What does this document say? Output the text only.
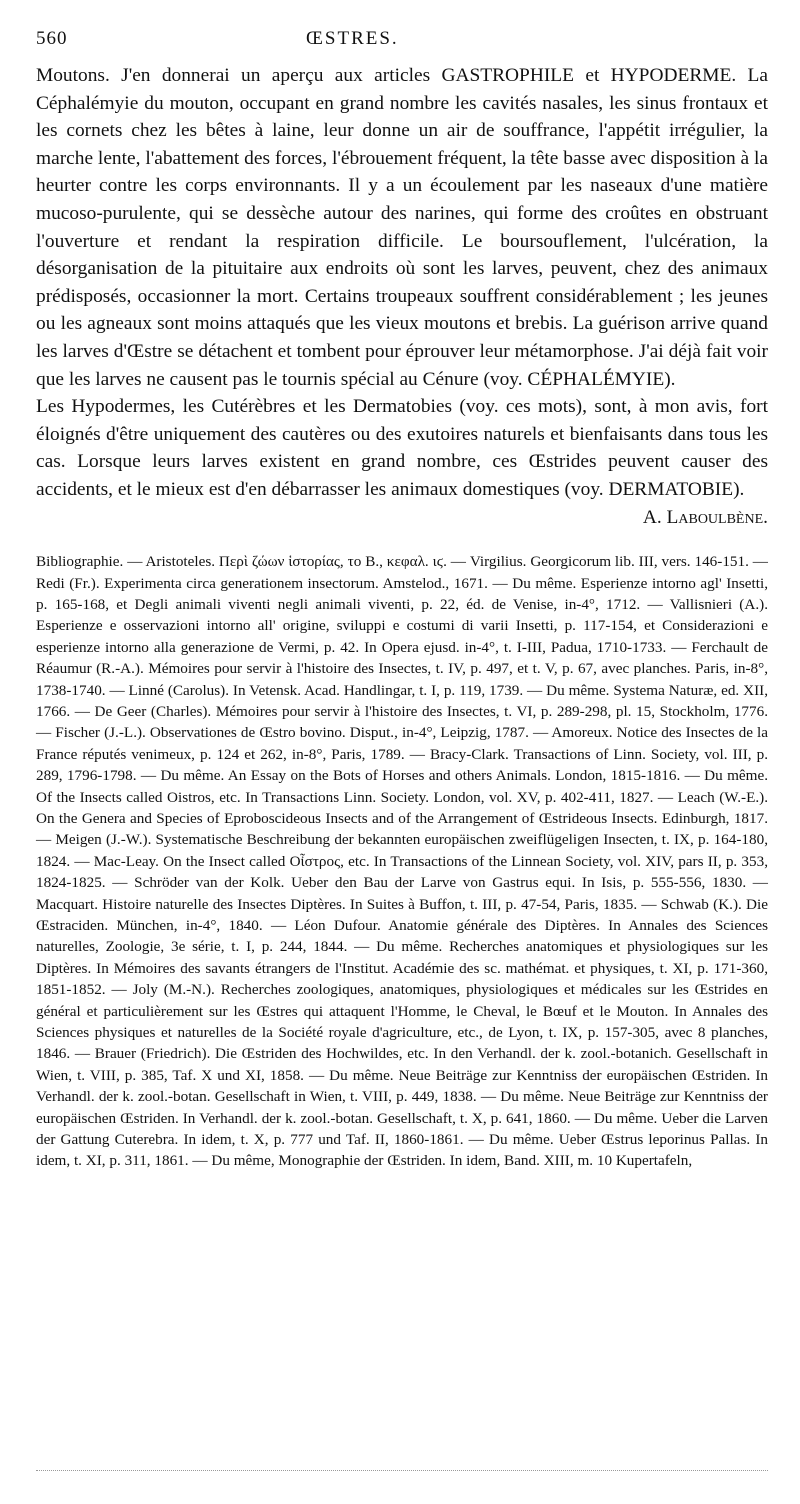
560	ŒSTRES.

Moutons. J'en donnerai un aperçu aux articles GASTROPHILE et HYPODERME. La Céphalémyie du mouton, occupant en grand nombre les cavités nasales, les sinus frontaux et les cornets chez les bêtes à laine, leur donne un air de souffrance, l'appétit irrégulier, la marche lente, l'abattement des forces, l'ébrouement fréquent, la tête basse avec disposition à la heurter contre les corps environnants. Il y a un écoulement par les naseaux d'une matière mucoso-purulente, qui se dessèche autour des narines, qui forme des croûtes en obstruant l'ouverture et rendant la respiration difficile. Le boursouflement, l'ulcération, la désorganisation de la pituitaire aux endroits où sont les larves, peuvent, chez des animaux prédisposés, occasionner la mort. Certains troupeaux souffrent considérablement ; les jeunes ou les agneaux sont moins attaqués que les vieux moutons et brebis. La guérison arrive quand les larves d'Œstre se détachent et tombent pour éprouver leur métamorphose. J'ai déjà fait voir que les larves ne causent pas le tournis spécial au Cénure (voy. CÉPHALÉMYIE).

Les Hypodermes, les Cutérèbres et les Dermatobies (voy. ces mots), sont, à mon avis, fort éloignés d'être uniquement des cautères ou des exutoires naturels et bienfaisants dans tous les cas. Lorsque leurs larves existent en grand nombre, ces Œstrides peuvent causer des accidents, et le mieux est d'en débarrasser les animaux domestiques (voy. DERMATOBIE).

A. Laboulbène.
Bibliographie. — Aristoteles. Περὶ ζώων ἱστορίας, το Β., κεφαλ. ιϛ. — Virgilius. Georgicorum lib. III, vers. 146-151. — Redi (Fr.). Experimenta circa generationem insectorum. Amstelod., 1671. — Du même. Esperienze intorno agl' Insetti, p. 165-168, et Degli animali viventi negli animali viventi, p. 22, éd. de Venise, in-4°, 1712. — Vallisnieri (A.). Esperienze e osservazioni intorno all' origine, sviluppi e costumi di varii Insetti, p. 117-154, et Considerazioni e esperienze intorno alla generazione de Vermi, p. 42. In Opera ejusd. in-4°, t. I-III, Padua, 1710-1733. — Ferchault de Réaumur (R.-A.). Mémoires pour servir à l'histoire des Insectes, t. IV, p. 497, et t. V, p. 67, avec planches. Paris, in-8°, 1738-1740. — Linné (Carolus). In Vetensk. Acad. Handlingar, t. I, p. 119, 1739. — Du même. Systema Naturæ, ed. XII, 1766. — De Geer (Charles). Mémoires pour servir à l'histoire des Insectes, t. VI, p. 289-298, pl. 15, Stockholm, 1776. — Fischer (J.-L.). Observationes de Œstro bovino. Disput., in-4°, Leipzig, 1787. — Amoreux. Notice des Insectes de la France réputés venimeux, p. 124 et 262, in-8°, Paris, 1789. — Bracy-Clark. Transactions of Linn. Society, vol. III, p. 289, 1796-1798. — Du même. An Essay on the Bots of Horses and others Animals. London, 1815-1816. — Du même. Of the Insects called Oistros, etc. In Transactions Linn. Society. London, vol. XV, p. 402-411, 1827. — Leach (W.-E.). On the Genera and Species of Eproboscideous Insects and of the Arrangement of Œstrideous Insects. Edinburgh, 1817. — Meigen (J.-W.). Systematische Beschreibung der bekannten europäischen zweiflügeligen Insecten, t. IX, p. 164-180, 1824. — Mac-Leay. On the Insect called Οἶστρος, etc. In Transactions of the Linnean Society, vol. XIV, pars II, p. 353, 1824-1825. — Schröder van der Kolk. Ueber den Bau der Larve von Gastrus equi. In Isis, p. 555-556, 1830. — Macquart. Histoire naturelle des Insectes Diptères. In Suites à Buffon, t. III, p. 47-54, Paris, 1835. — Schwab (K.). Die Œstraciden. München, in-4°, 1840. — Léon Dufour. Anatomie générale des Diptères. In Annales des Sciences naturelles, Zoologie, 3e série, t. I, p. 244, 1844. — Du même. Recherches anatomiques et physiologiques sur les Diptères. In Mémoires des savants étrangers de l'Institut. Académie des sc. mathémat. et physiques, t. XI, p. 171-360, 1851-1852. — Joly (M.-N.). Recherches zoologiques, anatomiques, physiologiques et médicales sur les Œstrides en général et particulièrement sur les Œstres qui attaquent l'Homme, le Cheval, le Bœuf et le Mouton. In Annales des Sciences physiques et naturelles de la Société royale d'agriculture, etc., de Lyon, t. IX, p. 157-305, avec 8 planches, 1846. — Brauer (Friedrich). Die Œstriden des Hochwildes, etc. In den Verhandl. der k. zool.-botanich. Gesellschaft in Wien, t. VIII, p. 385, Taf. X und XI, 1858. — Du même. Neue Beiträge zur Kenntniss der europäischen Œstriden. In Verhandl. der k. zool.-botan. Gesellschaft in Wien, t. VIII, p. 449, 1838. — Du même. Neue Beiträge zur Kenntniss der europäischen Œstriden. In Verhandl. der k. zool.-botan. Gesellschaft, t. X, p. 641, 1860. — Du même. Ueber die Larven der Gattung Cuterebra. In idem, t. X, p. 777 und Taf. II, 1860-1861. — Du même. Ueber Œstrus leporinus Pallas. In idem, t. XI, p. 311, 1861. — Du même, Monographie der Œstriden. In idem, Band. XIII, m. 10 Kupertafeln,
